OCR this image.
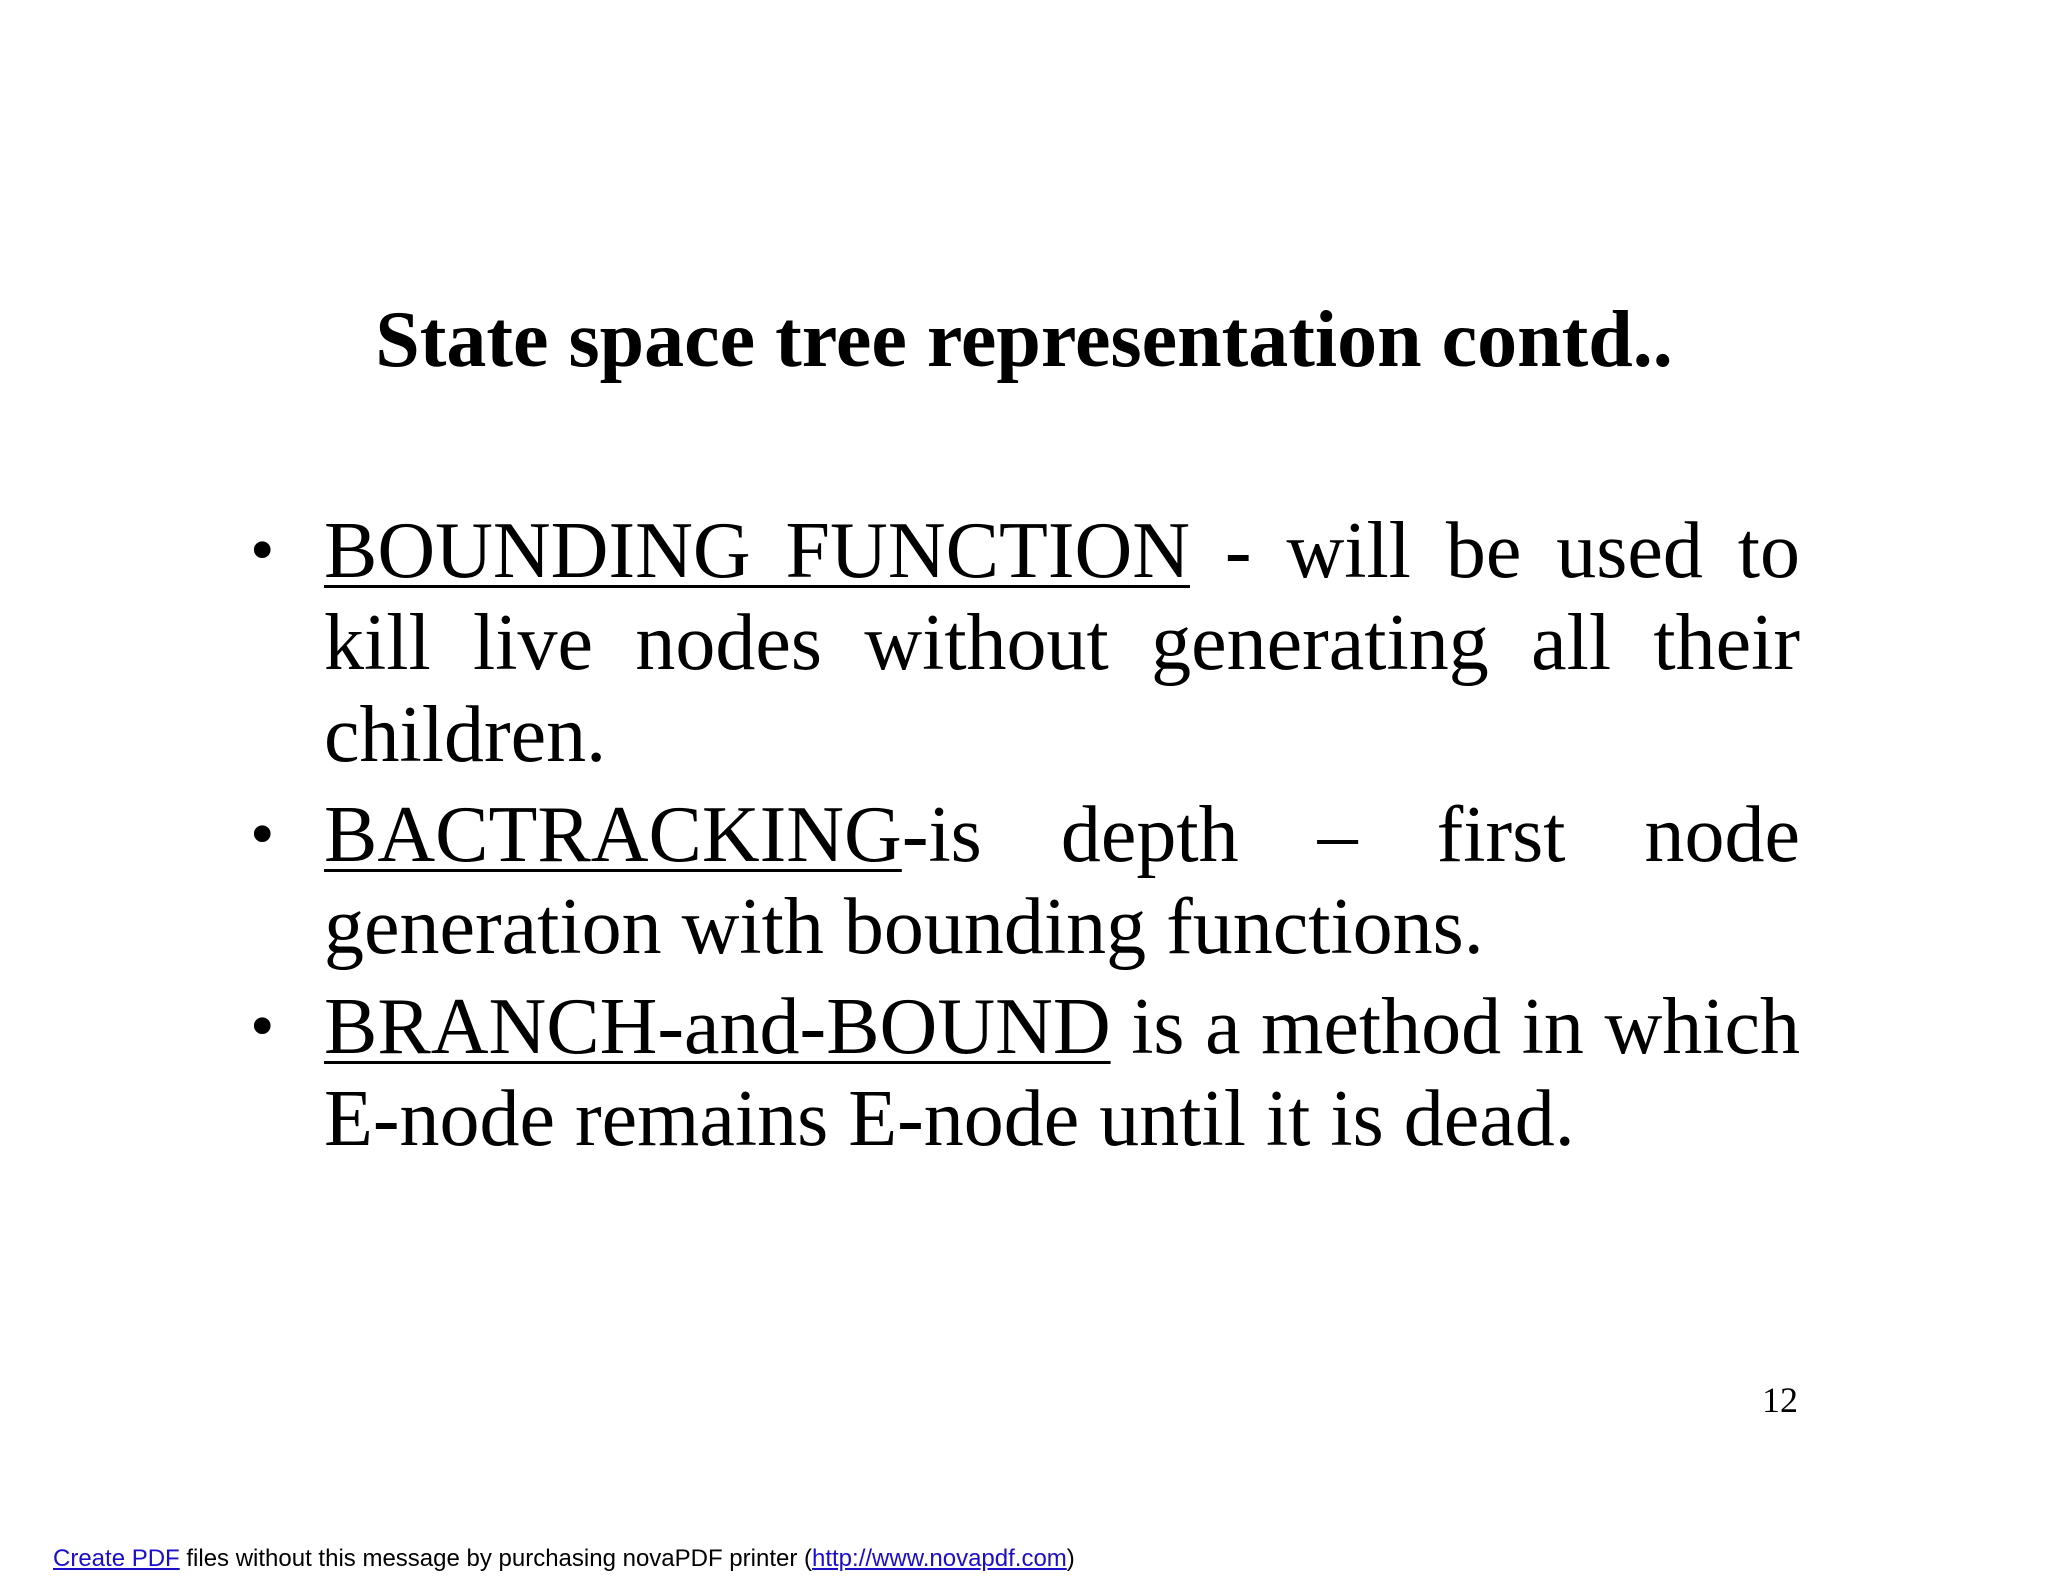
State space tree representation contd..
• BOUNDING FUNCTION - will be used to kill live nodes without generating all their children.
• BACTRACKING-is depth – first node generation with bounding functions.
• BRANCH-and-BOUND is a method in which E-node remains E-node until it is dead.
12
Create PDF files without this message by purchasing novaPDF printer (http://www.novapdf.com)
